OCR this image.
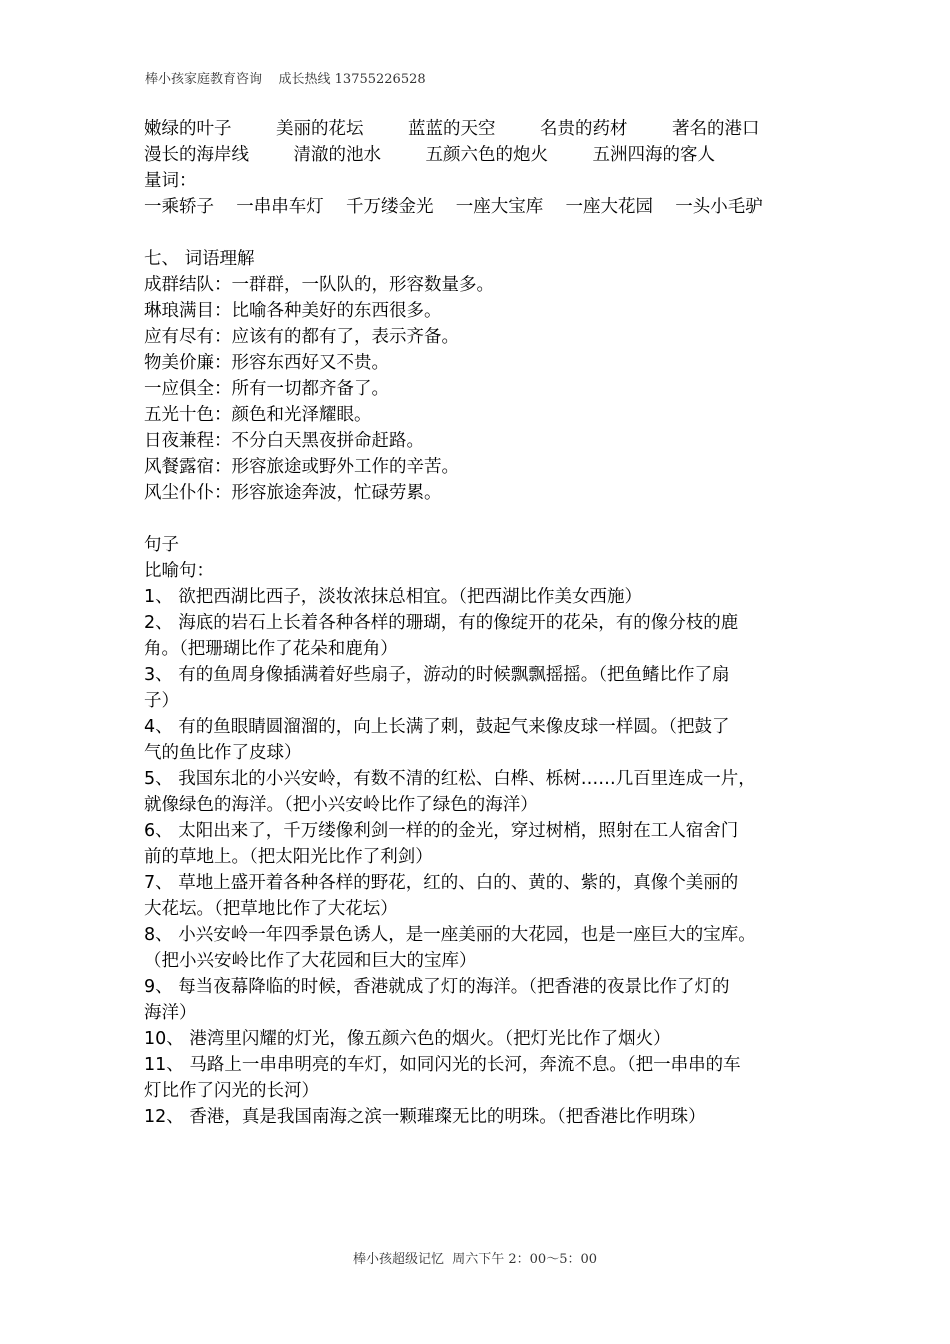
棒小孩家庭教育咨询    成长热线 13755226528
嫩绿的叶子        美丽的花坛        蓝蓝的天空        名贵的药材        著名的港口
漫长的海岸线        清澈的池水        五颜六色的炮火        五洲四海的客人
量词：
一乘轿子    一串串车灯    千万缕金光    一座大宝库    一座大花园    一头小毛驴
七、 词语理解
成群结队：一群群，一队队的，形容数量多。
琳琅满目：比喻各种美好的东西很多。
应有尽有：应该有的都有了，表示齐备。
物美价廉：形容东西好又不贵。
一应俱全：所有一切都齐备了。
五光十色：颜色和光泽耀眼。
日夜兼程：不分白天黑夜拼命赶路。
风餐露宿：形容旅途或野外工作的辛苦。
风尘仆仆：形容旅途奔波，忙碌劳累。
句子
比喻句：
1、 欲把西湖比西子，淡妆浓抹总相宜。（把西湖比作美女西施）
2、 海底的岩石上长着各种各样的珊瑚，有的像绽开的花朵，有的像分枝的鹿
角。（把珊瑚比作了花朵和鹿角）
3、 有的鱼周身像插满着好些扇子，游动的时候飘飘摇摇。（把鱼鳍比作了扇
子）
4、 有的鱼眼睛圆溜溜的，向上长满了刺，鼓起气来像皮球一样圆。（把鼓了
气的鱼比作了皮球）
5、 我国东北的小兴安岭，有数不清的红松、白桦、栎树……几百里连成一片，
就像绿色的海洋。（把小兴安岭比作了绿色的海洋）
6、 太阳出来了，千万缕像利剑一样的的金光，穿过树梢，照射在工人宿舍门
前的草地上。（把太阳光比作了利剑）
7、 草地上盛开着各种各样的野花，红的、白的、黄的、紫的，真像个美丽的
大花坛。（把草地比作了大花坛）
8、 小兴安岭一年四季景色诱人，是一座美丽的大花园，也是一座巨大的宝库。
（把小兴安岭比作了大花园和巨大的宝库）
9、 每当夜幕降临的时候，香港就成了灯的海洋。（把香港的夜景比作了灯的
海洋）
10、 港湾里闪耀的灯光，像五颜六色的烟火。（把灯光比作了烟火）
11、 马路上一串串明亮的车灯，如同闪光的长河，奔流不息。（把一串串的车
灯比作了闪光的长河）
12、 香港，真是我国南海之滨一颗璀璨无比的明珠。（把香港比作明珠）
棒小孩超级记忆  周六下午 2：00～5：00
